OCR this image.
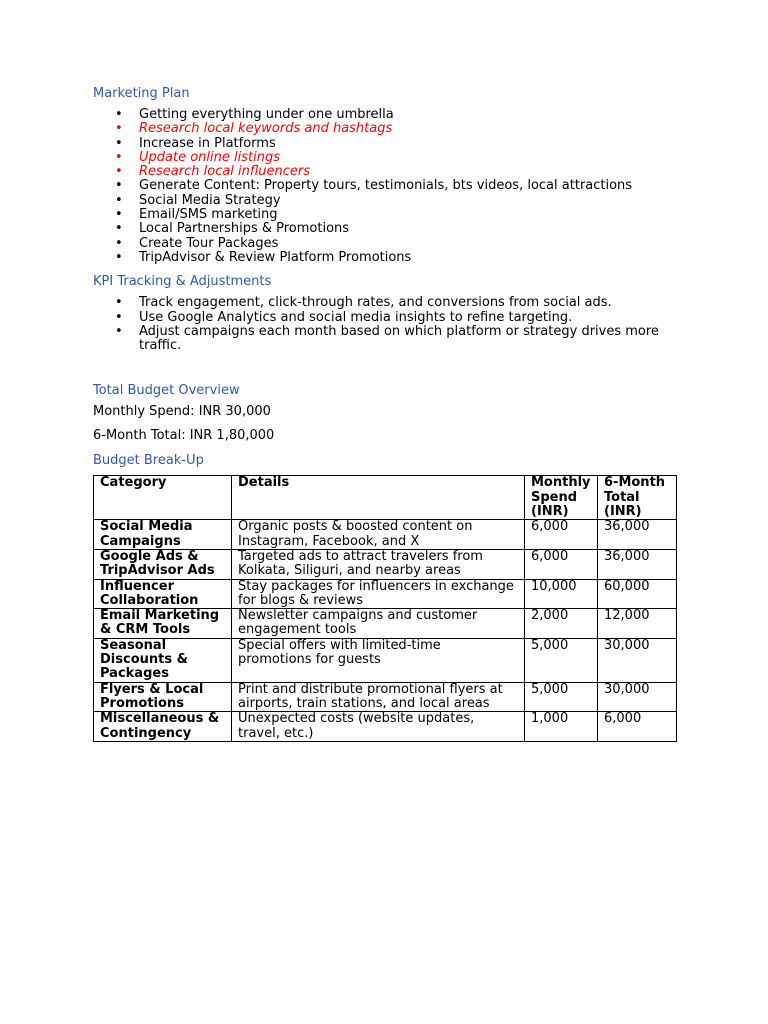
Marketing Plan
• Getting everything under one umbrella
• Research local keywords and hashtags
• Increase in Platforms
• Update online listings
• Research local influencers
• Generate Content: Property tours, testimonials, bts videos, local attractions
• Social Media Strategy
• Email/SMS marketing
• Local Partnerships & Promotions
• Create Tour Packages
• TripAdvisor & Review Platform Promotions
KPI Tracking & Adjustments
• Track engagement, click-through rates, and conversions from social ads.
• Use Google Analytics and social media insights to refine targeting.
• Adjust campaigns each month based on which platform or strategy drives more traffic.
Total Budget Overview

Monthly Spend: INR 30,000

6-Month Total: INR 1,80,000

Budget Break-Up
Category	Details	Monthly Spend (INR)	6-Month Total (INR)
Social Media Campaigns	Organic posts & boosted content on Instagram, Facebook, and X	6,000	36,000
Google Ads & TripAdvisor Ads	Targeted ads to attract travelers from Kolkata, Siliguri, and nearby areas	6,000	36,000
Influencer Collaboration	Stay packages for influencers in exchange for blogs & reviews	10,000	60,000
Email Marketing & CRM Tools	Newsletter campaigns and customer engagement tools	2,000	12,000
Seasonal Discounts & Packages	Special offers with limited-time promotions for guests	5,000	30,000
Flyers & Local Promotions	Print and distribute promotional flyers at airports, train stations, and local areas	5,000	30,000
Miscellaneous & Contingency	Unexpected costs (website updates, travel, etc.)	1,000	6,000
